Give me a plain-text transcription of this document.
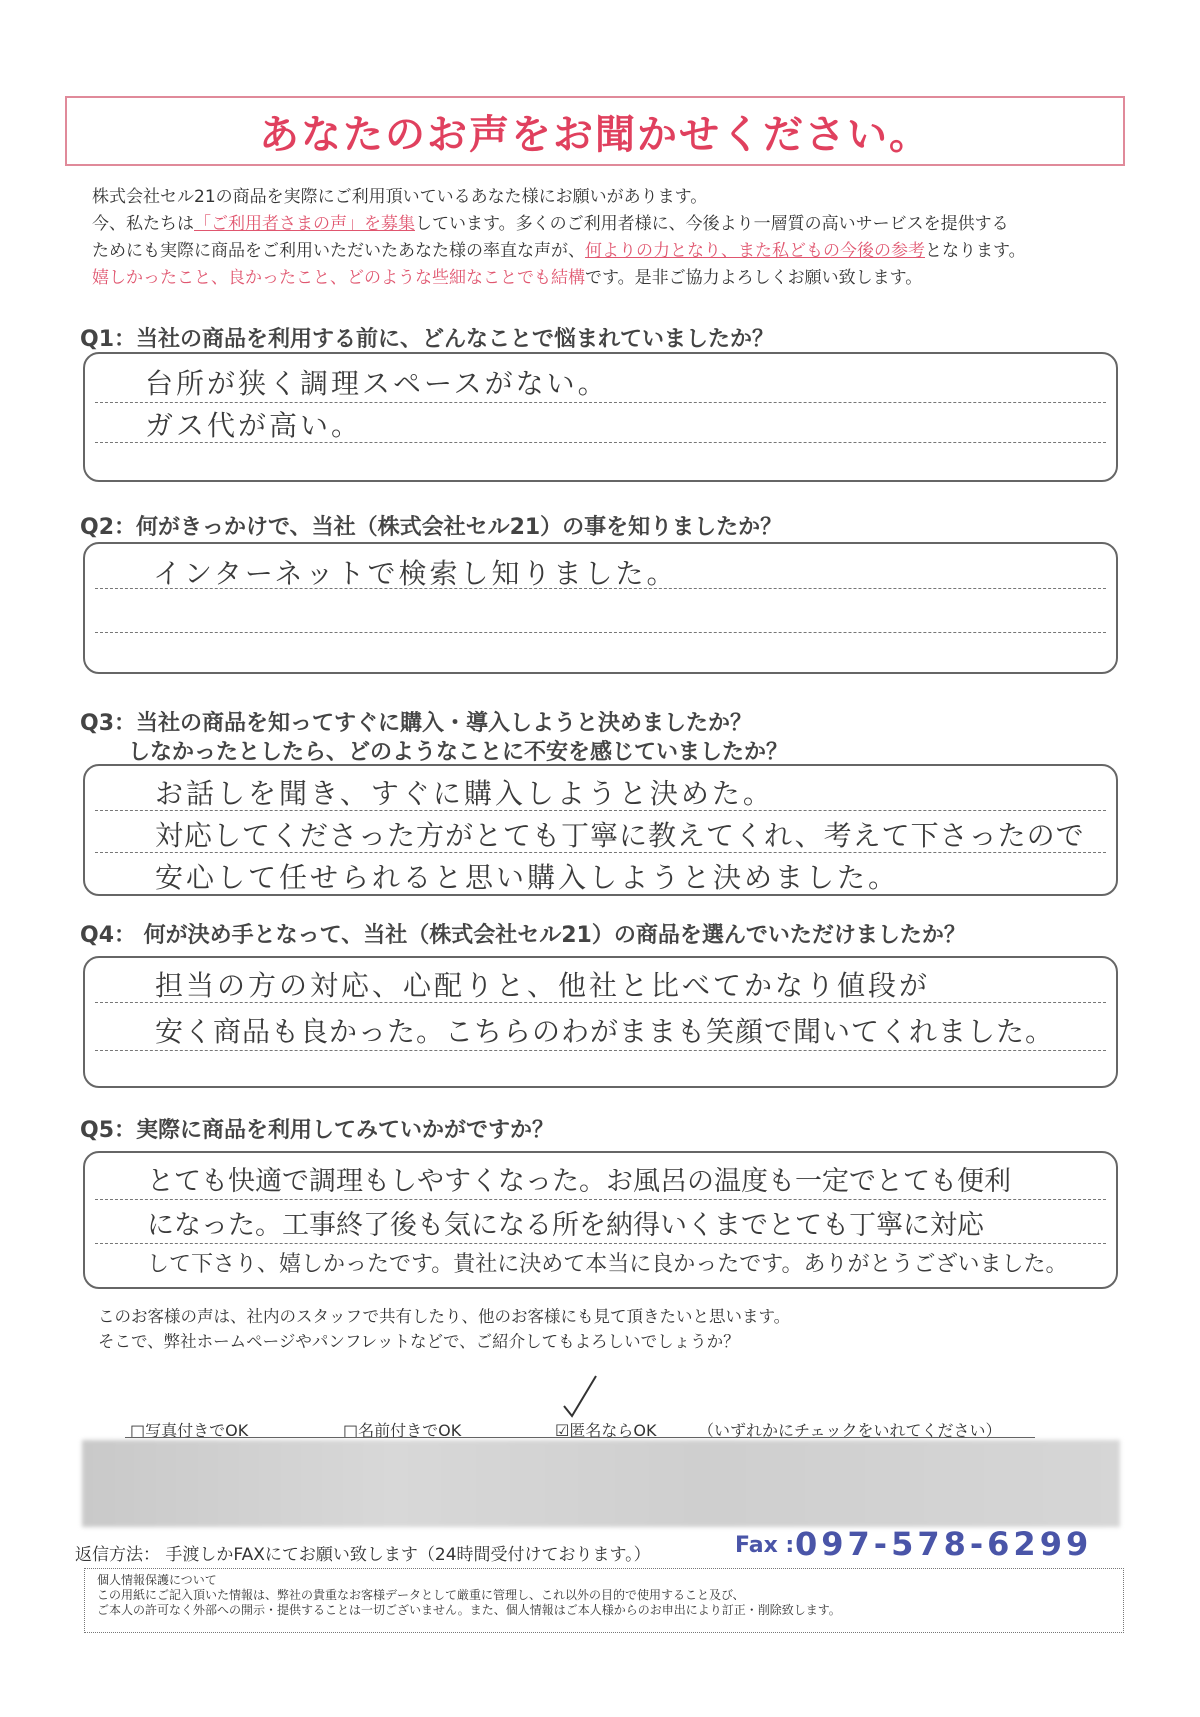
あなたのお声をお聞かせください。
株式会社セル21の商品を実際にご利用頂いているあなた様にお願いがあります。
今、私たちは「ご利用者さまの声」を募集しています。多くのご利用者様に、今後より一層質の高いサービスを提供する
ためにも実際に商品をご利用いただいたあなた様の率直な声が、何よりの力となり、また私どもの今後の参考となります。
嬉しかったこと、良かったこと、どのような些細なことでも結構です。是非ご協力よろしくお願い致します。
Q1：当社の商品を利用する前に、どんなことで悩まれていましたか？
台所が狭く調理スペースがない。
ガス代が高い。
Q2：何がきっかけで、当社（株式会社セル21）の事を知りましたか？
インターネットで検索し知りました。
Q3：当社の商品を知ってすぐに購入・導入しようと決めましたか？
しなかったとしたら、どのようなことに不安を感じていましたか？
お話しを聞き、すぐに購入しようと決めた。
対応してくださった方がとても丁寧に教えてくれ、考えて下さったので
安心して任せられると思い購入しようと決めました。
Q4： 何が決め手となって、当社（株式会社セル21）の商品を選んでいただけましたか？
担当の方の対応、心配りと、他社と比べてかなり値段が
安く商品も良かった。こちらのわがままも笑顔で聞いてくれました。
Q5：実際に商品を利用してみていかがですか？
とても快適で調理もしやすくなった。お風呂の温度も一定でとても便利
になった。工事終了後も気になる所を納得いくまでとても丁寧に対応
して下さり、嬉しかったです。貴社に決めて本当に良かったです。ありがとうございました。
このお客様の声は、社内のスタッフで共有したり、他のお客様にも見て頂きたいと思います。
そこで、弊社ホームページやパンフレットなどで、ご紹介してもよろしいでしょうか？
□写真付きでOK	□名前付きでOK	☑匿名ならOK	（いずれかにチェックをいれてください）
返信方法： 手渡しかFAXにてお願い致します（24時間受付けております。）	Fax : 097-578-6299
個人情報保護について
この用紙にご記入頂いた情報は、弊社の貴重なお客様データとして厳重に管理し、これ以外の目的で使用すること及び、
ご本人の許可なく外部への開示・提供することは一切ございません。また、個人情報はご本人様からのお申出により訂正・削除致します。
